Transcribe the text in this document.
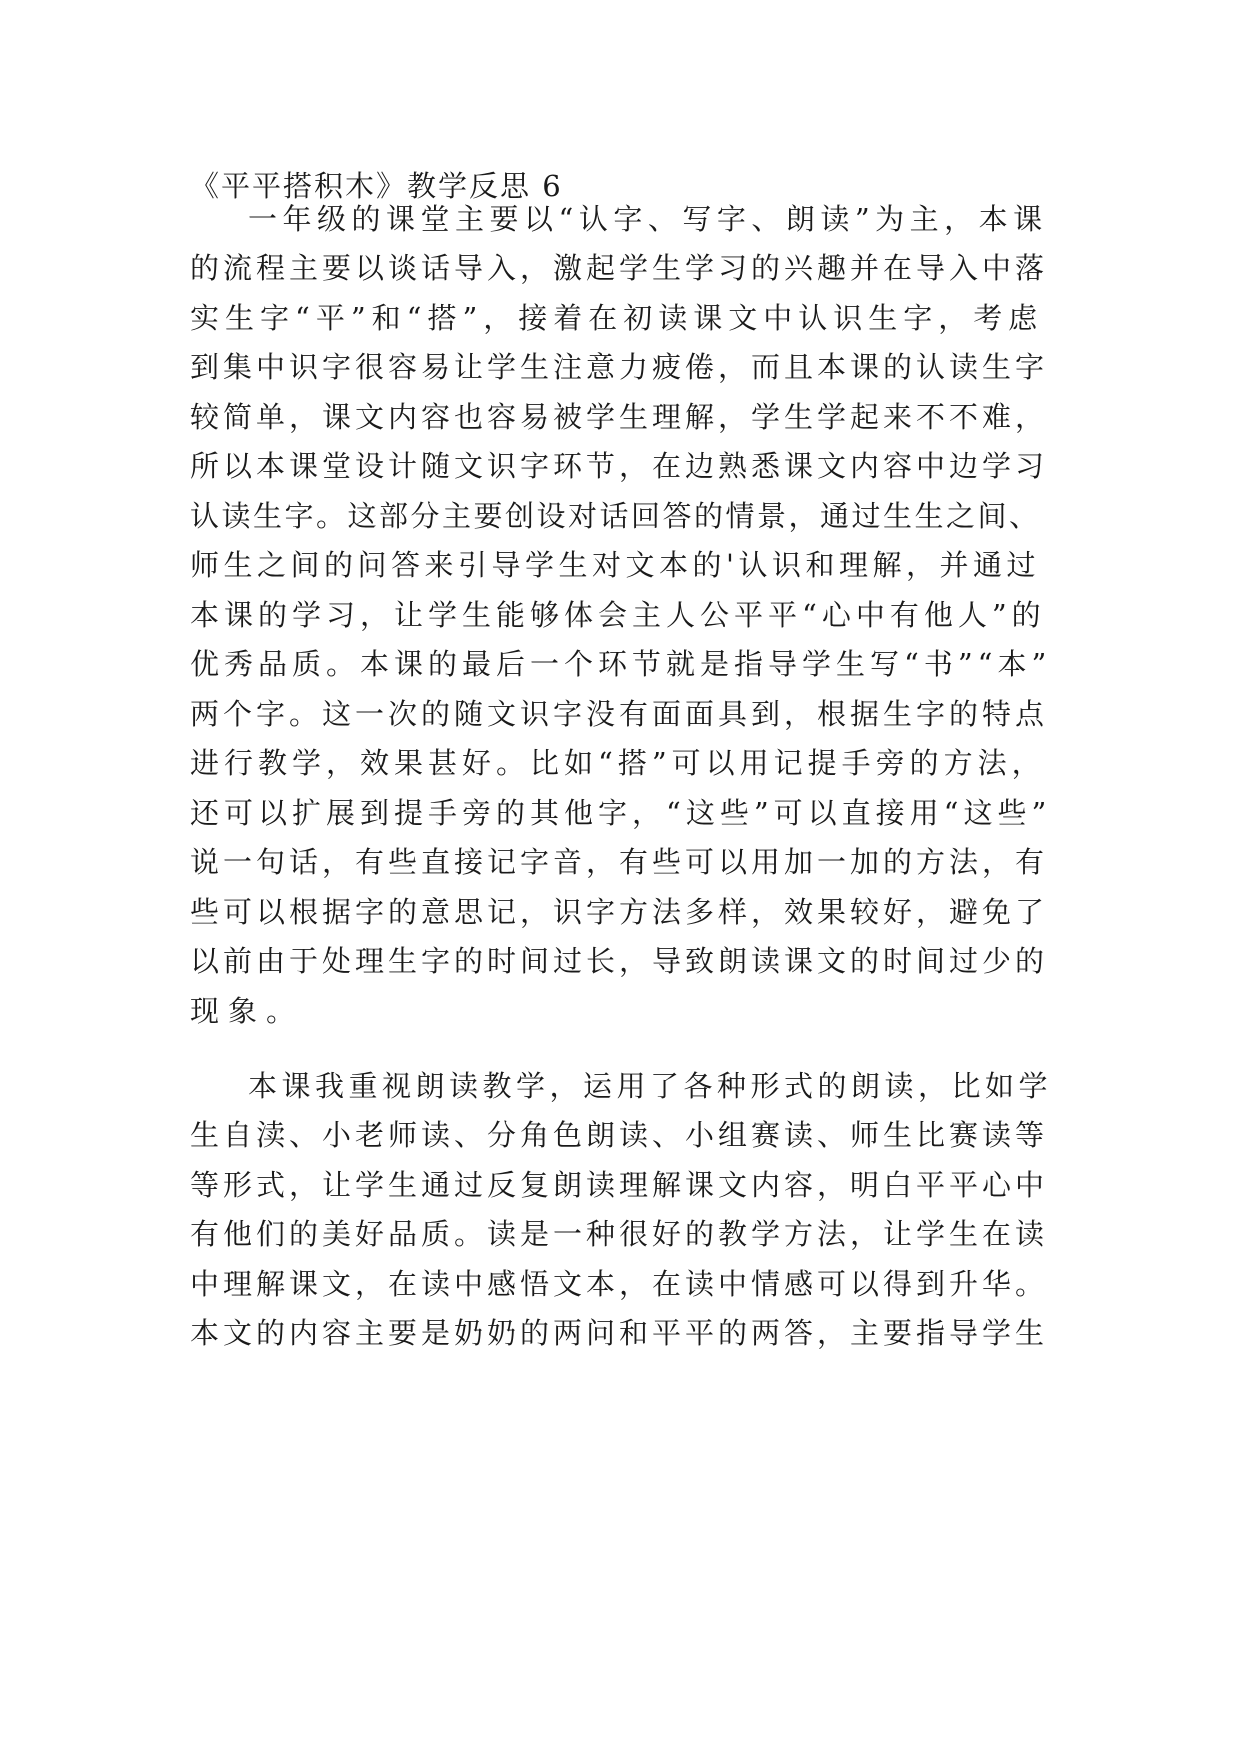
《平平搭积木》教学反思 6
一年级的课堂主要以“认字、写字、朗读”为主，本课
的流程主要以谈话导入，激起学生学习的兴趣并在导入中落
实生字“平”和“搭”，接着在初读课文中认识生字，考虑
到集中识字很容易让学生注意力疲倦，而且本课的认读生字
较简单，课文内容也容易被学生理解，学生学起来不不难，
所以本课堂设计随文识字环节，在边熟悉课文内容中边学习
认读生字。这部分主要创设对话回答的情景，通过生生之间、
师生之间的问答来引导学生对文本的'认识和理解，并通过
本课的学习，让学生能够体会主人公平平“心中有他人”的
优秀品质。本课的最后一个环节就是指导学生写“书”“本”
两个字。这一次的随文识字没有面面具到，根据生字的特点
进行教学，效果甚好。比如“搭”可以用记提手旁的方法，
还可以扩展到提手旁的其他字，“这些”可以直接用“这些”
说一句话，有些直接记字音，有些可以用加一加的方法，有
些可以根据字的意思记，识字方法多样，效果较好，避免了
以前由于处理生字的时间过长，导致朗读课文的时间过少的
现象。
本课我重视朗读教学，运用了各种形式的朗读，比如学
生自渎、小老师读、分角色朗读、小组赛读、师生比赛读等
等形式，让学生通过反复朗读理解课文内容，明白平平心中
有他们的美好品质。读是一种很好的教学方法，让学生在读
中理解课文，在读中感悟文本，在读中情感可以得到升华。
本文的内容主要是奶奶的两问和平平的两答，主要指导学生
